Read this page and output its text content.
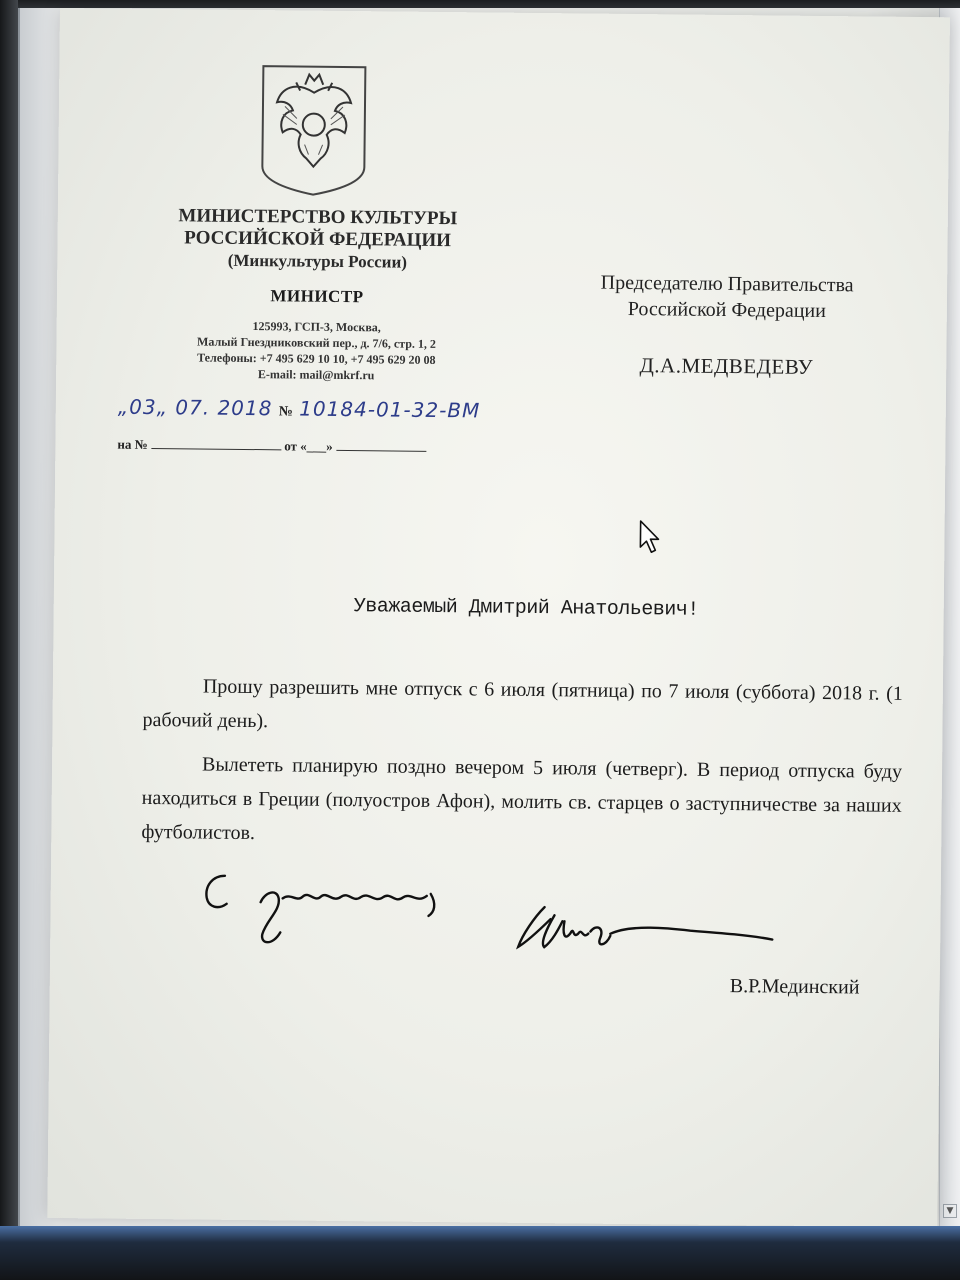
▼
МИНИСТЕРСТВО КУЛЬТУРЫ
РОССИЙСКОЙ ФЕДЕРАЦИИ
(Минкультуры России)
МИНИСТР
125993, ГСП-3, Москва,
Малый Гнездниковский пер., д. 7/6, стр. 1, 2
Телефоны: +7 495 629 10 10, +7 495 629 20 08
E-mail: mail@mkrf.ru
Председателю Правительства
Российской Федерации
Д.А.МЕДВЕДЕВУ
„03„ 07. 2018 № 10184-01-32-ВМ
на №	от «___»
Уважаемый Дмитрий Анатольевич!

Прошу разрешить мне отпуск с 6 июля (пятница) по 7 июля (суббота) 2018 г. (1 рабочий день).

Вылететь планирую поздно вечером 5 июля (четверг). В период отпуска буду находиться в Греции (полуостров Афон), молить св. старцев о заступничестве за наших футболистов.

В.Р.Мединский
